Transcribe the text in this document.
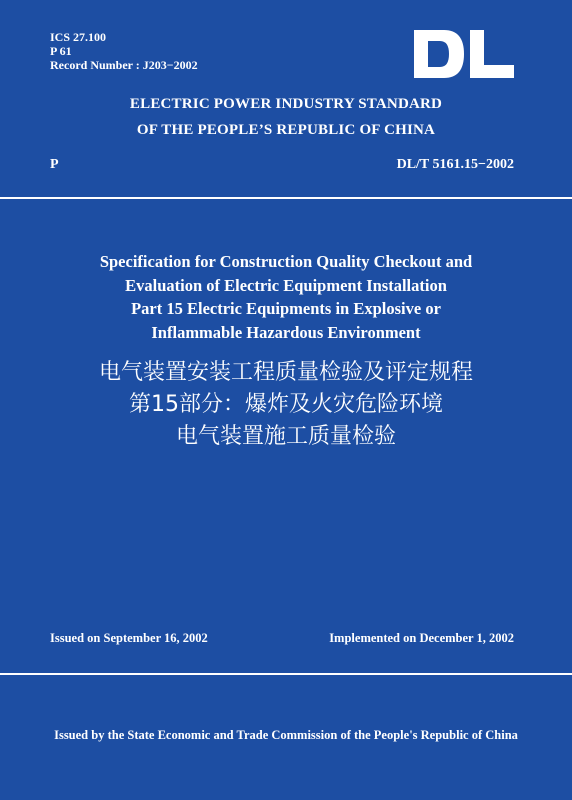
ICS 27.100
P 61
Record Number : J203−2002
ELECTRIC POWER INDUSTRY STANDARD
OF THE PEOPLE’S REPUBLIC OF CHINA
P	DL/T 5161.15−2002
Specification for Construction Quality Checkout and
Evaluation of Electric Equipment Installation
Part 15 Electric Equipments in Explosive or
Inflammable Hazardous Environment
电气装置安装工程质量检验及评定规程
第15部分：爆炸及火灾危险环境
电气装置施工质量检验
Issued on September 16, 2002	Implemented on December 1, 2002
Issued by the State Economic and Trade Commission of the People's Republic of China
